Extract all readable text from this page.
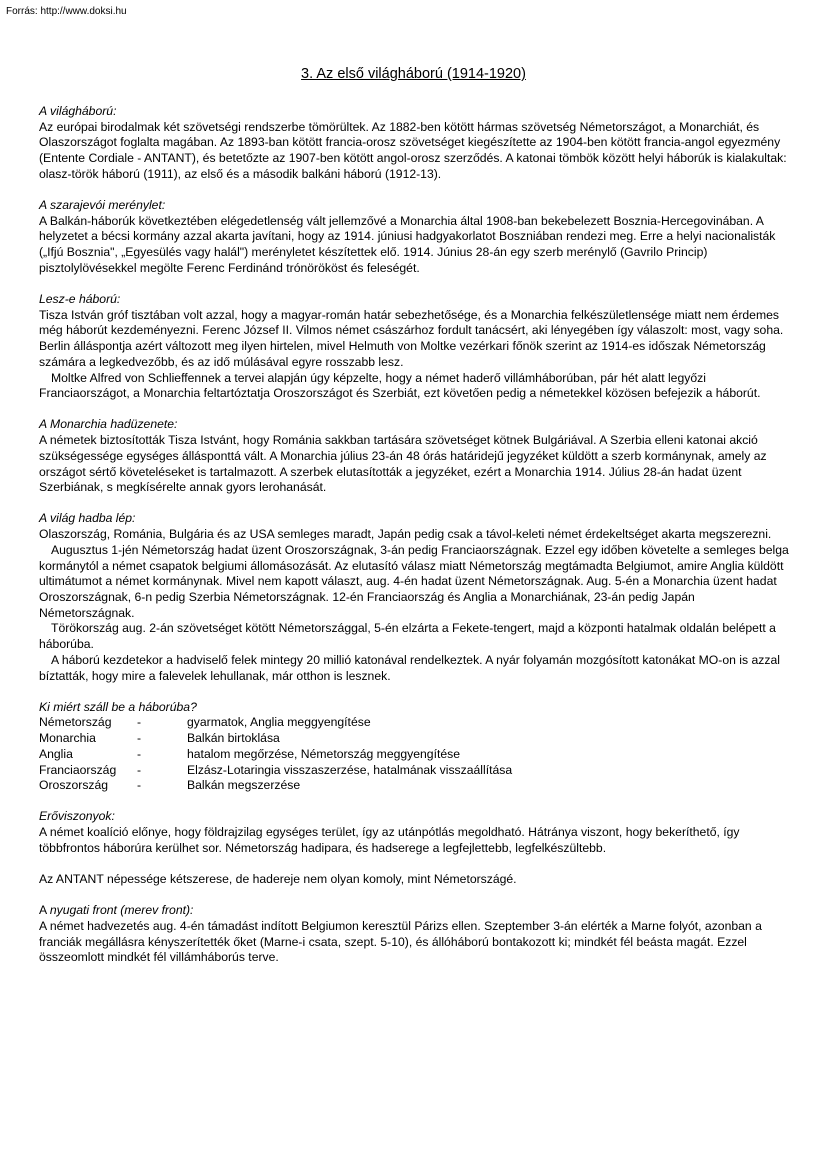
Forrás: http://www.doksi.hu
3. Az első világháború (1914-1920)
A világháború:

Az európai birodalmak két szövetségi rendszerbe tömörültek. Az 1882-ben kötött hármas szövetség Németországot, a Monarchiát, és Olaszországot foglalta magában. Az 1893-ban kötött francia-orosz szövetséget kiegészítette az 1904-ben kötött francia-angol egyezmény (Entente Cordiale - ANTANT), és betetőzte az 1907-ben kötött angol-orosz szerződés. A katonai tömbök között helyi háborúk is kialakultak: olasz-török háború (1911), az első és a második balkáni háború (1912-13).

A szarajevói merénylet:

A Balkán-háborúk következtében elégedetlenség vált jellemzővé a Monarchia által 1908-ban bekebelezett Bosznia-Hercegovinában. A helyzetet a bécsi kormány azzal akarta javítani, hogy az 1914. júniusi hadgyakorlatot Boszniában rendezi meg. Erre a helyi nacionalisták („Ifjú Bosznia", „Egyesülés vagy halál") merényletet készítettek elő. 1914. Június 28-án egy szerb merénylő (Gavrilo Princip) pisztolylövésekkel megölte Ferenc Ferdinánd trónörököst és feleségét.

Lesz-e háború:

Tisza István gróf tisztában volt azzal, hogy a magyar-román határ sebezhetősége, és a Monarchia felkészületlensége miatt nem érdemes még háborút kezdeményezni. Ferenc József II. Vilmos német császárhoz fordult tanácsért, aki lényegében így válaszolt: most, vagy soha. Berlin álláspontja azért változott meg ilyen hirtelen, mivel Helmuth von Moltke vezérkari főnök szerint az 1914-es időszak Németország számára a legkedvezőbb, és az idő múlásával egyre rosszabb lesz.

Moltke Alfred von Schlieffennek a tervei alapján úgy képzelte, hogy a német haderő villámháborúban, pár hét alatt legyőzi Franciaországot, a Monarchia feltartóztatja Oroszországot és Szerbiát, ezt követően pedig a németekkel közösen befejezik a háborút.

A Monarchia hadüzenete:

A németek biztosították Tisza Istvánt, hogy Románia sakkban tartására szövetséget kötnek Bulgáriával. A Szerbia elleni katonai akció szükségessége egységes állásponttá vált. A Monarchia július 23-án 48 órás határidejű jegyzéket küldött a szerb kormánynak, amely az országot sértő követeléseket is tartalmazott. A szerbek elutasították a jegyzéket, ezért a Monarchia 1914. Július 28-án hadat üzent Szerbiának, s megkísérelte annak gyors lerohanását.

A világ hadba lép:

Olaszország, Románia, Bulgária és az USA semleges maradt, Japán pedig csak a távol-keleti német érdekeltséget akarta megszerezni.

Augusztus 1-jén Németország hadat üzent Oroszországnak, 3-án pedig Franciaországnak. Ezzel egy időben követelte a semleges belga kormánytól a német csapatok belgiumi állomásozását. Az elutasító válasz miatt Németország megtámadta Belgiumot, amire Anglia küldött ultimátumot a német kormánynak. Mivel nem kapott választ, aug. 4-én hadat üzent Németországnak. Aug. 5-én a Monarchia üzent hadat Oroszországnak, 6-n pedig Szerbia Németországnak. 12-én Franciaország és Anglia a Monarchiának, 23-án pedig Japán Németországnak.

Törökország aug. 2-án szövetséget kötött Németországgal, 5-én elzárta a Fekete-tengert, majd a központi hatalmak oldalán belépett a háborúba.

A háború kezdetekor a hadviselő felek mintegy 20 millió katonával rendelkeztek. A nyár folyamán mozgósított katonákat MO-on is azzal bíztatták, hogy mire a falevelek lehullanak, már otthon is lesznek.

Ki miért száll be a háborúba?
Németország	-	gyarmatok, Anglia meggyengítése
Monarchia	-	Balkán birtoklása
Anglia	-	hatalom megőrzése, Németország meggyengítése
Franciaország	-	Elzász-Lotaringia visszaszerzése, hatalmának visszaállítása
Oroszország	-	Balkán megszerzése
Erőviszonyok:

A német koalíció előnye, hogy földrajzilag egységes terület, így az utánpótlás megoldható. Hátránya viszont, hogy bekeríthető, így többfrontos háborúra kerülhet sor. Németország hadipara, és hadserege a legfejlettebb, legfelkészültebb.

Az ANTANT népessége kétszerese, de hadereje nem olyan komoly, mint Németországé.

A nyugati front (merev front):

A német hadvezetés aug. 4-én támadást indított Belgiumon keresztül Párizs ellen. Szeptember 3-án elérték a Marne folyót, azonban a franciák megállásra kényszerítették őket (Marne-i csata, szept. 5-10), és állóháború bontakozott ki; mindkét fél beásta magát. Ezzel összeomlott mindkét fél villámháborús terve.
